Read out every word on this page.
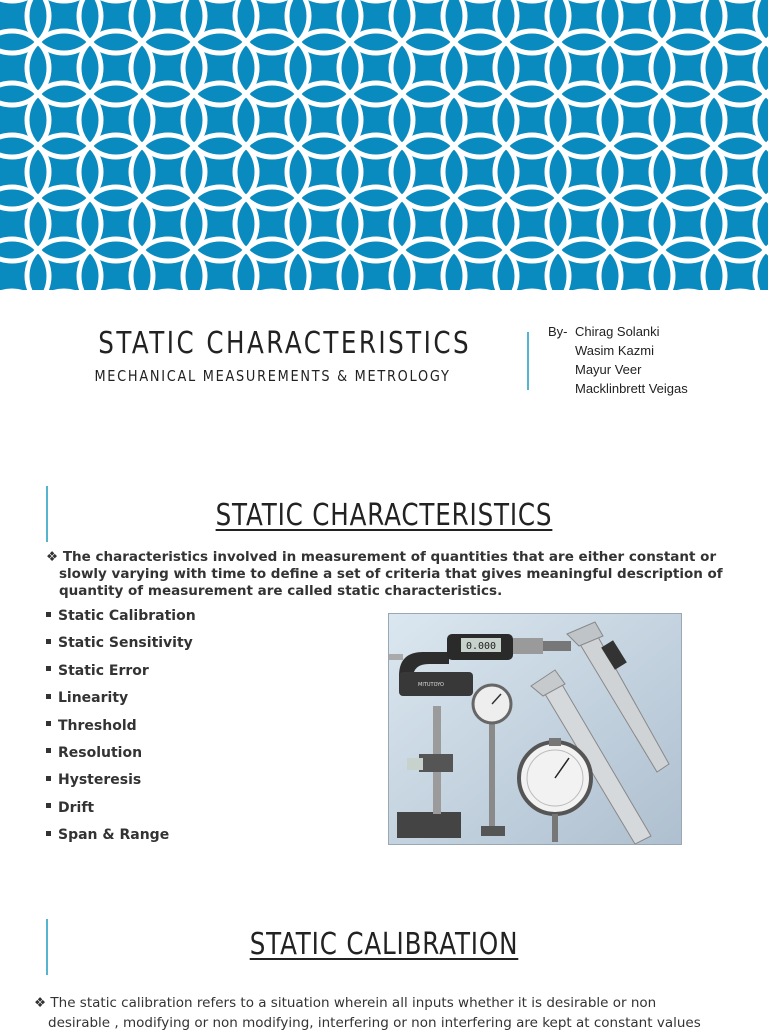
STATIC CHARACTERISTICS
MECHANICAL MEASUREMENTS & METROLOGY
By- Chirag Solanki
Wasim Kazmi
Mayur Veer
Macklinbrett Veigas
STATIC CHARACTERISTICS
❖ The characteristics involved in measurement of quantities that are either constant or
slowly varying with time to define a set of criteria that gives meaningful description of
quantity of measurement are called static characteristics.
Static Calibration
Static Sensitivity
Static Error
Linearity
Threshold
Resolution
Hysteresis
Drift
Span & Range
0.000
MITUTOYO
STATIC CALIBRATION
❖ The static calibration refers to a situation wherein all inputs whether it is desirable or non
desirable , modifying or non modifying, interfering or non interfering are kept at constant values
